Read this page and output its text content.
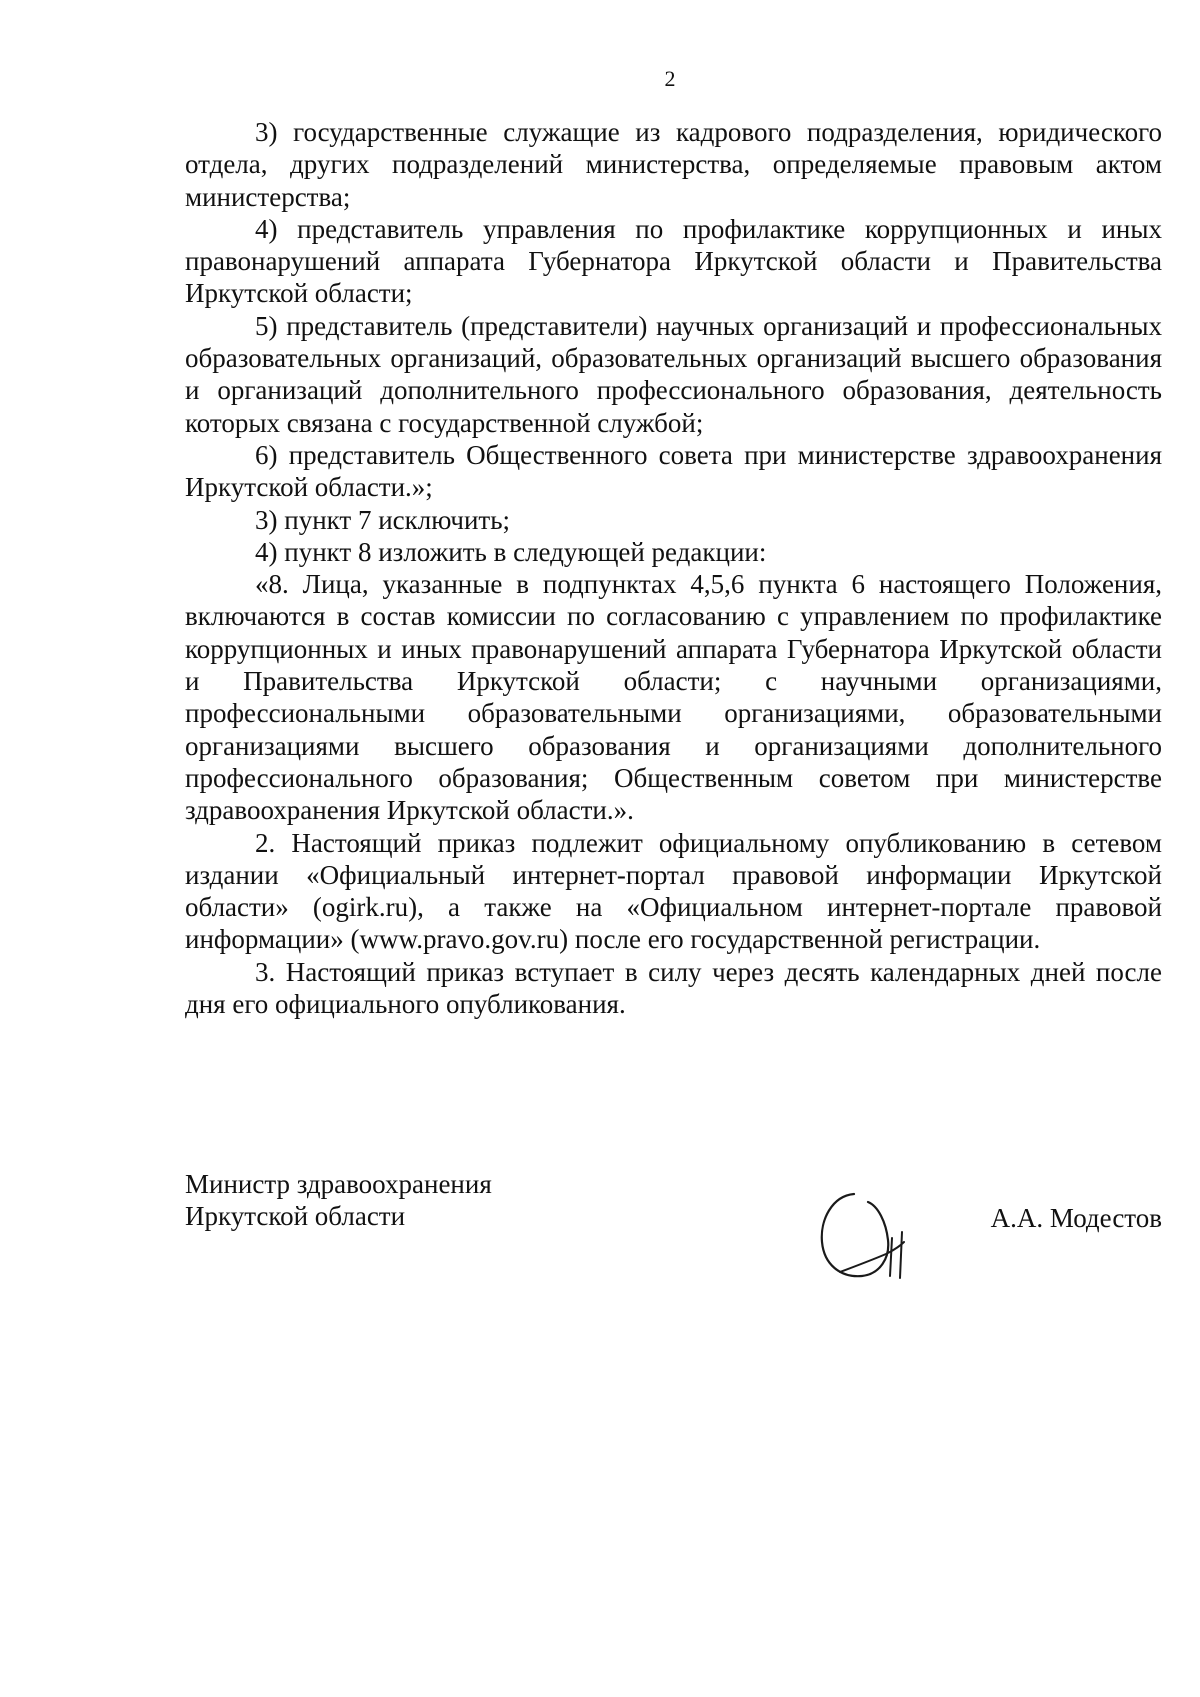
2

3) государственные служащие из кадрового подразделения, юридического отдела, других подразделений министерства, определяемые правовым актом министерства;

4) представитель управления по профилактике коррупционных и иных правонарушений аппарата Губернатора Иркутской области и Правительства Иркутской области;

5) представитель (представители) научных организаций и профессиональных образовательных организаций, образовательных организаций высшего образования и организаций дополнительного профессионального образования, деятельность которых связана с государственной службой;

6) представитель Общественного совета при министерстве здравоохранения Иркутской области.»;

3) пункт 7 исключить;

4) пункт 8 изложить в следующей редакции:

«8. Лица, указанные в подпунктах 4,5,6 пункта 6 настоящего Положения, включаются в состав комиссии по согласованию с управлением по профилактике коррупционных и иных правонарушений аппарата Губернатора Иркутской области и Правительства Иркутской области; с научными организациями, профессиональными образовательными организациями, образовательными организациями высшего образования и организациями дополнительного профессионального образования; Общественным советом при министерстве здравоохранения Иркутской области.».

2. Настоящий приказ подлежит официальному опубликованию в сетевом издании «Официальный интернет-портал правовой информации Иркутской области» (ogirk.ru), а также на «Официальном интернет-портале правовой информации» (www.pravo.gov.ru) после его государственной регистрации.

3. Настоящий приказ вступает в силу через десять календарных дней после дня его официального опубликования.

Министр здравоохранения
Иркутской области	А.А. Модестов
